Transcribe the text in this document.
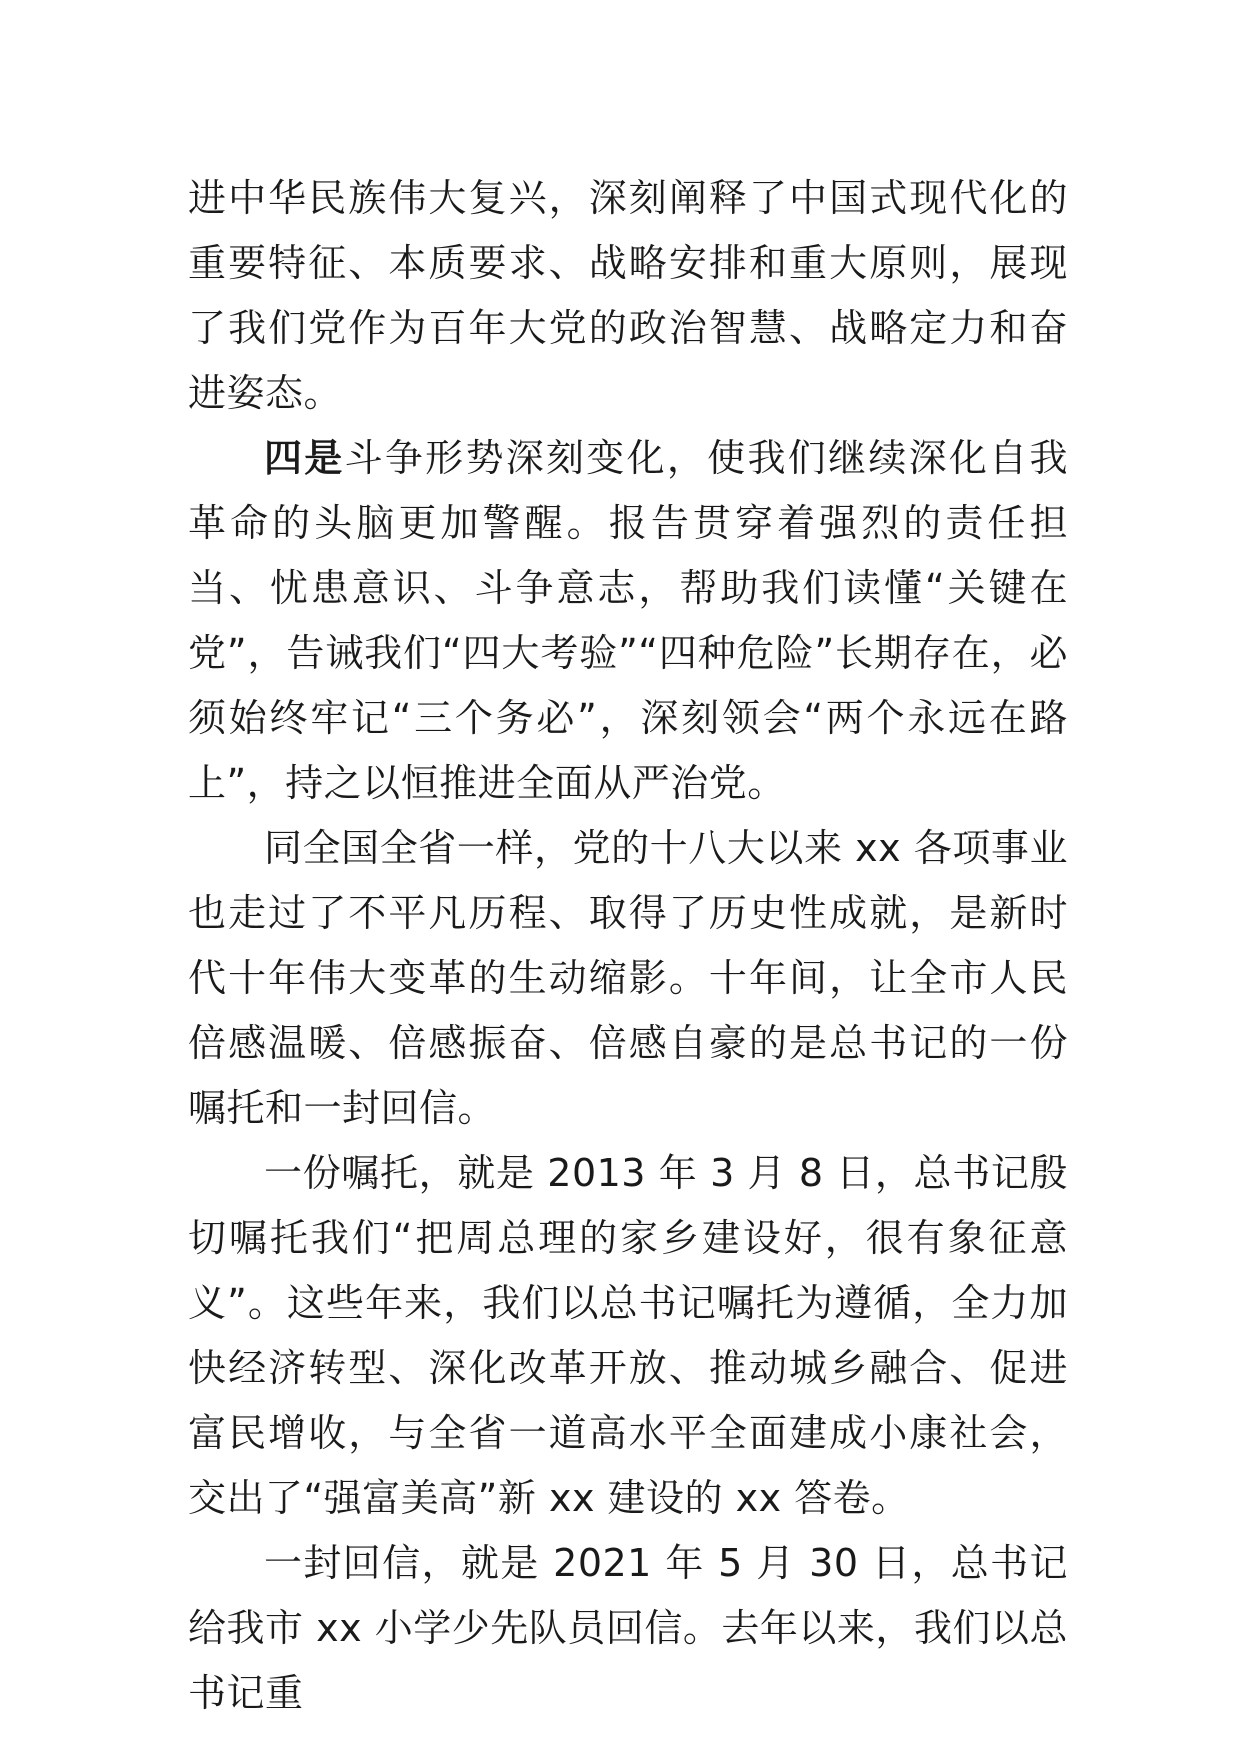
进中华民族伟大复兴，深刻阐释了中国式现代化的重要特征、本质要求、战略安排和重大原则，展现了我们党作为百年大党的政治智慧、战略定力和奋进姿态。

四是斗争形势深刻变化，使我们继续深化自我革命的头脑更加警醒。报告贯穿着强烈的责任担当、忧患意识、斗争意志，帮助我们读懂“关键在党”，告诫我们“四大考验”“四种危险”长期存在，必须始终牢记“三个务必”，深刻领会“两个永远在路上”，持之以恒推进全面从严治党。

同全国全省一样，党的十八大以来 xx 各项事业也走过了不平凡历程、取得了历史性成就，是新时代十年伟大变革的生动缩影。十年间，让全市人民倍感温暖、倍感振奋、倍感自豪的是总书记的一份嘱托和一封回信。

一份嘱托，就是 2013 年 3 月 8 日，总书记殷切嘱托我们“把周总理的家乡建设好，很有象征意义”。这些年来，我们以总书记嘱托为遵循，全力加快经济转型、深化改革开放、推动城乡融合、促进富民增收，与全省一道高水平全面建成小康社会，交出了“强富美高”新 xx 建设的 xx 答卷。

一封回信，就是 2021 年 5 月 30 日，总书记给我市 xx 小学少先队员回信。去年以来，我们以总书记重
